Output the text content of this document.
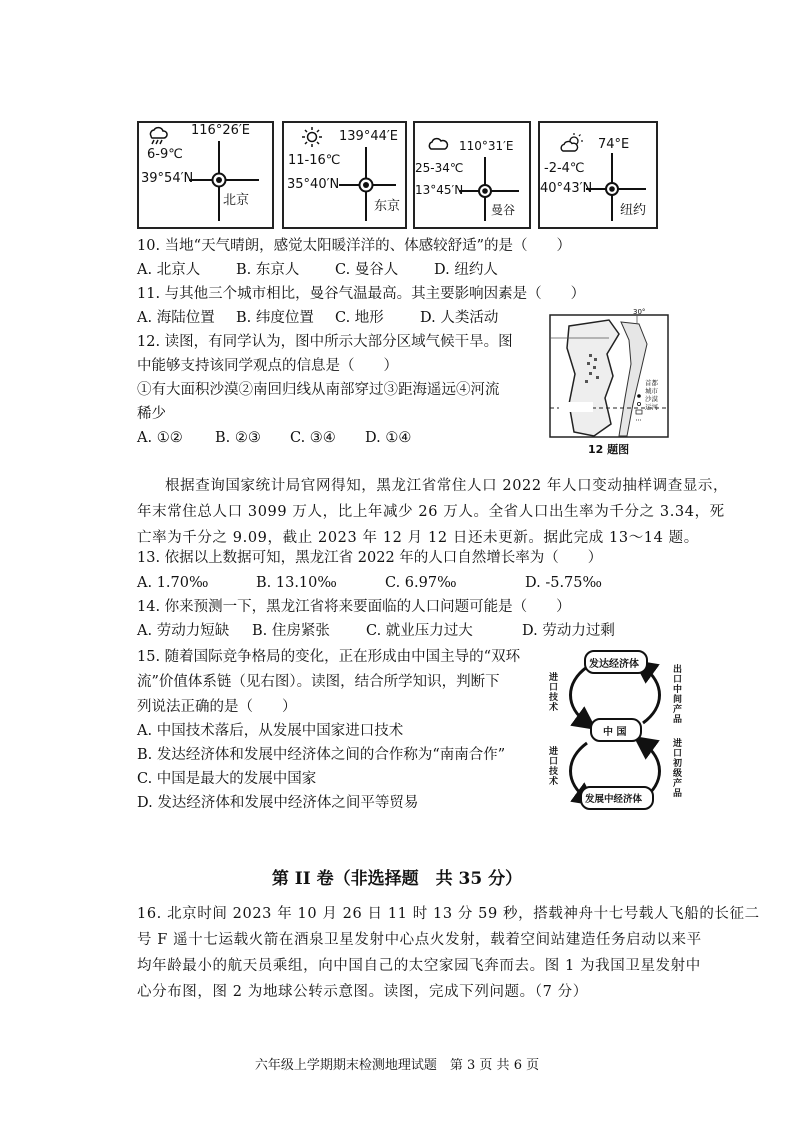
116°26′E
6-9℃
39°54′N
北京
139°44′E
11-16℃
35°40′N
东京
110°31′E
25-34℃
13°45′N
曼谷
74°E
-2-4℃
40°43′N
纽约
10. 当地“天气晴朗，感觉太阳暖洋洋的、体感较舒适”的是（　　）
A. 北京人 B. 东京人 C. 曼谷人 D. 纽约人
11. 与其他三个城市相比，曼谷气温最高。其主要影响因素是（　　）
A. 海陆位置 B. 纬度位置 C. 地形 D. 人类活动
12. 读图，有同学认为，图中所示大部分区域气候干旱。图
中能够支持该同学观点的信息是（　　）
①有大面积沙漠②南回归线从南部穿过③距海遥远④河流
稀少
A. ①② B. ②③ C. ③④ D. ①④
30°
首都
城市
沙漠
运河
12 题图
根据查询国家统计局官网得知，黑龙江省常住人口 2022 年人口变动抽样调查显示，
年末常住总人口 3099 万人，比上年减少 26 万人。全省人口出生率为千分之 3.34，死
亡率为千分之 9.09，截止 2023 年 12 月 12 日还未更新。据此完成 13～14 题。
13. 依据以上数据可知，黑龙江省 2022 年的人口自然增长率为（　　）
A. 1.70‰	B. 13.10‰	C. 6.97‰	D. -5.75‰
14. 你来预测一下，黑龙江省将来要面临的人口问题可能是（　　）
A. 劳动力短缺 B. 住房紧张 C. 就业压力过大	D. 劳动力过剩
15. 随着国际竞争格局的变化，正在形成由中国主导的“双环
流”价值体系链（见右图）。读图，结合所学知识，判断下
列说法正确的是（　　）
A. 中国技术落后，从发展中国家进口技术
B. 发达经济体和发展中经济体之间的合作称为“南南合作”
C. 中国是最大的发展中国家
D. 发达经济体和发展中经济体之间平等贸易
发达经济体
中 国
发展中经济体
进口技术
进口技术
出口中间产品
进口初级产品
第 II 卷（非选择题　共 35 分）
16. 北京时间 2023 年 10 月 26 日 11 时 13 分 59 秒，搭载神舟十七号载人飞船的长征二
号 F 遥十七运载火箭在酒泉卫星发射中心点火发射，载着空间站建造任务启动以来平
均年龄最小的航天员乘组，向中国自己的太空家园飞奔而去。图 1 为我国卫星发射中
心分布图，图 2 为地球公转示意图。读图，完成下列问题。（7 分）
六年级上学期期末检测地理试题　第 3 页 共 6 页
